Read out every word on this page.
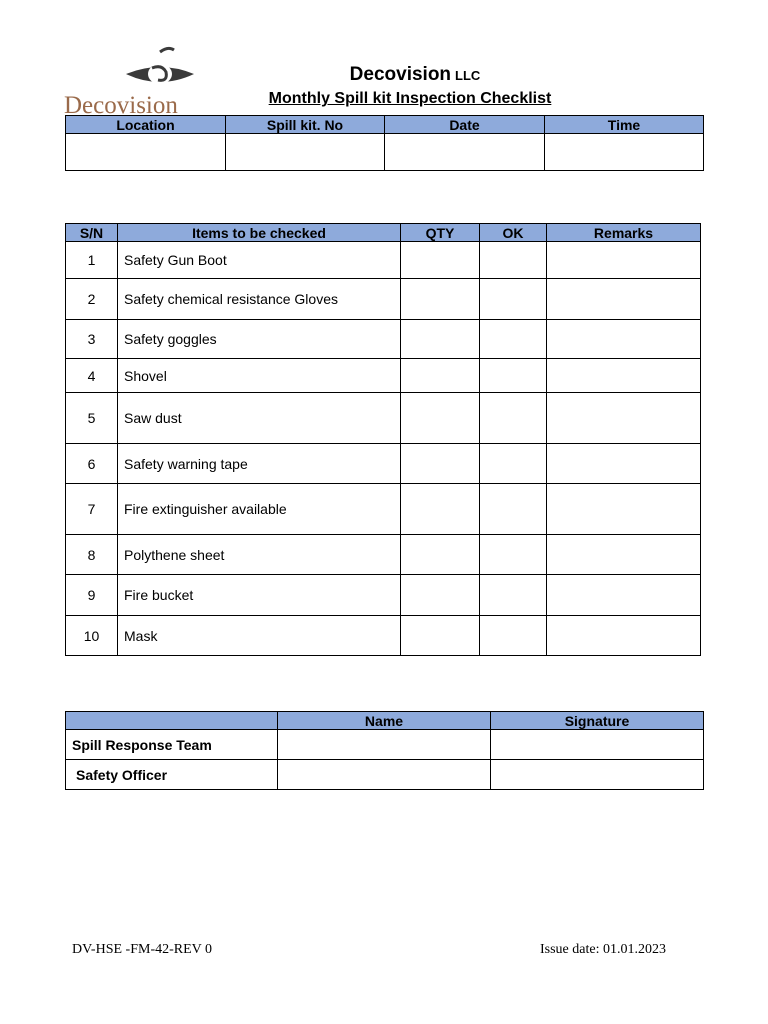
Decovision
Decovision LLC
Monthly Spill kit Inspection Checklist
Location	Spill kit. No	Date	Time

S/N	Items to be checked	QTY	OK	Remarks
1	Safety Gun Boot			
2	Safety chemical resistance Gloves			
3	Safety goggles			
4	Shovel			
5	Saw dust			
6	Safety warning tape			
7	Fire extinguisher available			
8	Polythene sheet			
9	Fire bucket			
10	Mask			
	Name	Signature
Spill Response Team		
Safety Officer		
DV-HSE -FM-42-REV 0	Issue date: 01.01.2023
